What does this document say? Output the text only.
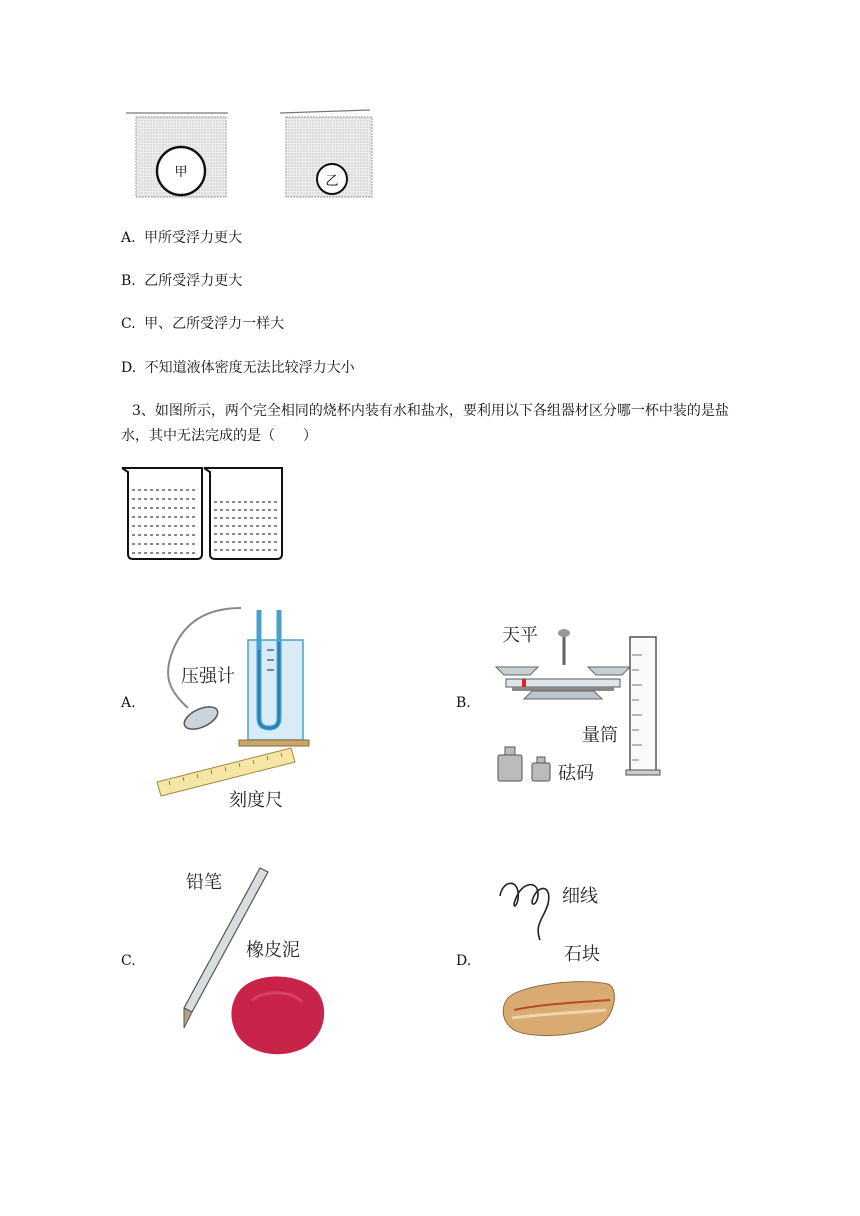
甲
乙
A. 甲所受浮力更大
B. 乙所受浮力更大
C. 甲、乙所受浮力一样大
D. 不知道液体密度无法比较浮力大小
3、如图所示，两个完全相同的烧杯内装有水和盐水，要利用以下各组器材区分哪一杯中装的是盐
水，其中无法完成的是（　　）
A.
压强计
刻度尺
B.
天平
量筒
砝码
C.
铅笔
橡皮泥	D.
细线
石块
